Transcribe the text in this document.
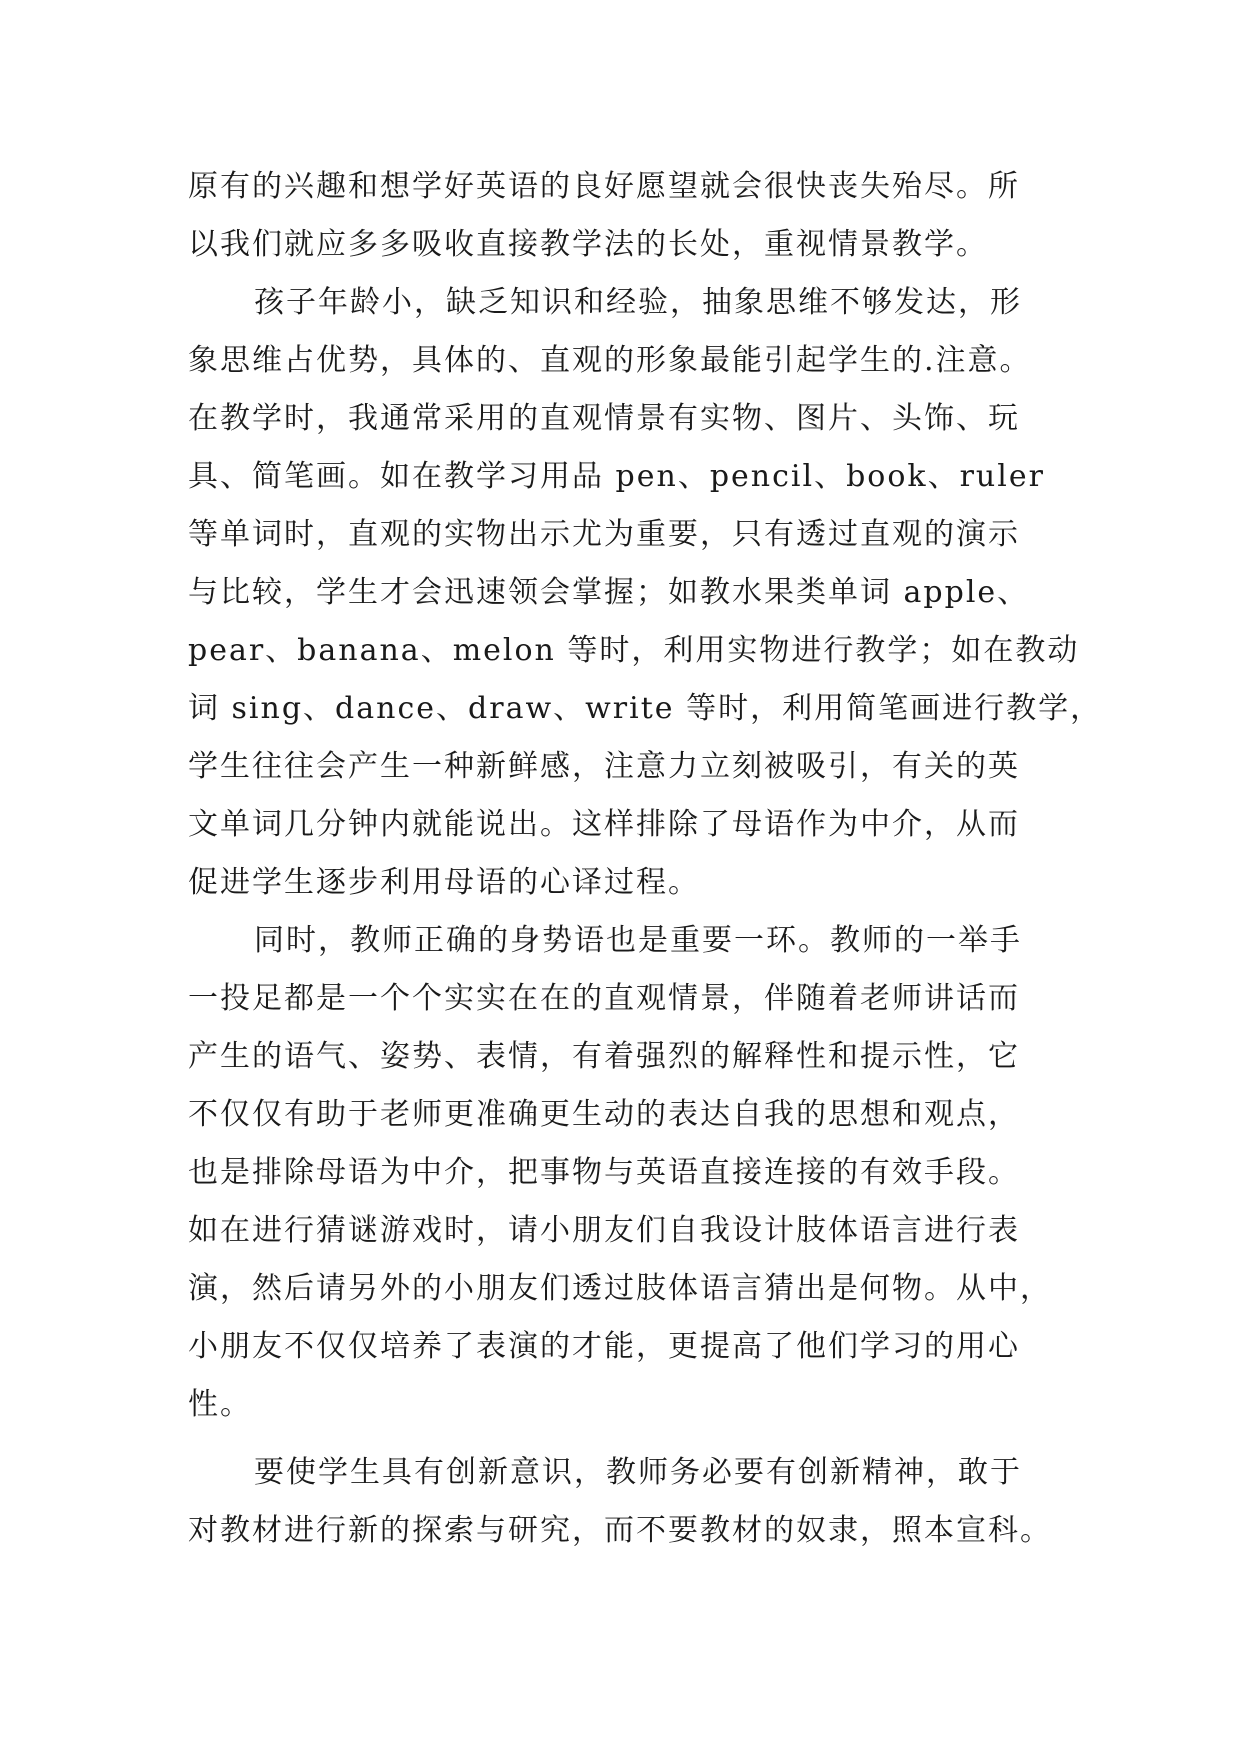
原有的兴趣和想学好英语的良好愿望就会很快丧失殆尽。所
以我们就应多多吸收直接教学法的长处，重视情景教学。
孩子年龄小，缺乏知识和经验，抽象思维不够发达，形
象思维占优势，具体的、直观的形象最能引起学生的.注意。
在教学时，我通常采用的直观情景有实物、图片、头饰、玩
具、简笔画。如在教学习用品 pen、pencil、book、ruler
等单词时，直观的实物出示尤为重要，只有透过直观的演示
与比较，学生才会迅速领会掌握；如教水果类单词 apple、
pear、banana、melon 等时，利用实物进行教学；如在教动
词 sing、dance、draw、write 等时，利用简笔画进行教学，
学生往往会产生一种新鲜感，注意力立刻被吸引，有关的英
文单词几分钟内就能说出。这样排除了母语作为中介，从而
促进学生逐步利用母语的心译过程。
同时，教师正确的身势语也是重要一环。教师的一举手
一投足都是一个个实实在在的直观情景，伴随着老师讲话而
产生的语气、姿势、表情，有着强烈的解释性和提示性，它
不仅仅有助于老师更准确更生动的表达自我的思想和观点，
也是排除母语为中介，把事物与英语直接连接的有效手段。
如在进行猜谜游戏时，请小朋友们自我设计肢体语言进行表
演，然后请另外的小朋友们透过肢体语言猜出是何物。从中，
小朋友不仅仅培养了表演的才能，更提高了他们学习的用心
性。
要使学生具有创新意识，教师务必要有创新精神，敢于
对教材进行新的探索与研究，而不要教材的奴隶，照本宣科。
